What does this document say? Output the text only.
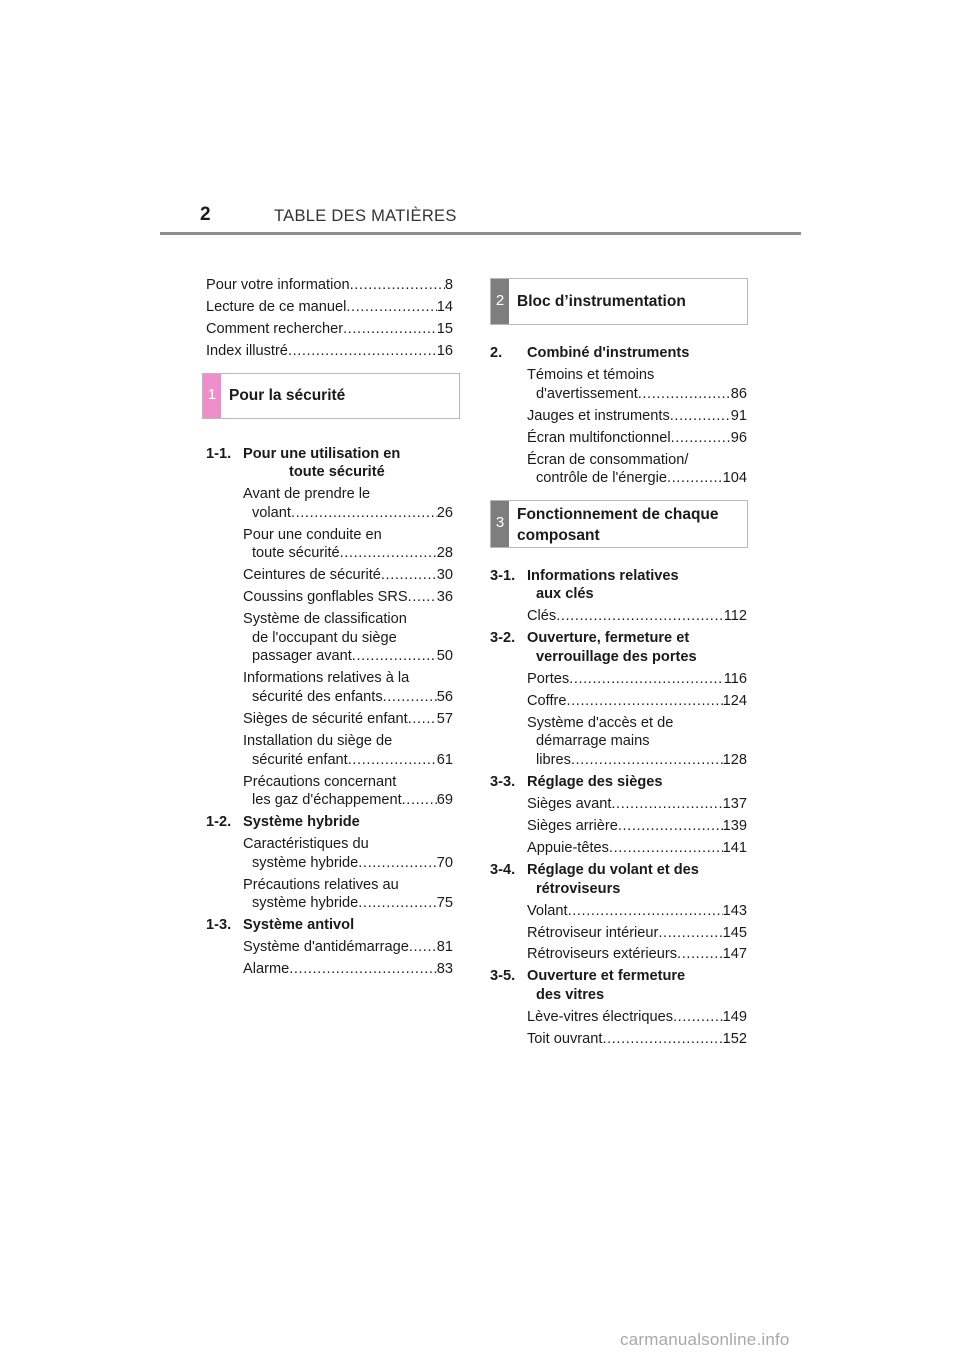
2	TABLE DES MATIÈRES
Pour votre information .....	8
Lecture de ce manuel .....	14
Comment rechercher .....	15
Index illustré .....	16
1 Pour la sécurité
1-1. Pour une utilisation en
toute sécurité
Avant de prendre le
volant .....	26
Pour une conduite en
toute sécurité .....	28
Ceintures de sécurité .....	30
Coussins gonflables SRS ..... 36
Système de classification
de l'occupant du siège
passager avant .....	50
Informations relatives à la
sécurité des enfants .....	56
Sièges de sécurité enfant ..... 57
Installation du siège de
sécurité enfant .....	61
Précautions concernant
les gaz d'échappement ..... 69
1-2. Système hybride
Caractéristiques du
système hybride .....	70
Précautions relatives au
système hybride .....	75
1-3. Système antivol
Système d'antidémarrage ..... 81
Alarme .....	83
2 Bloc d’instrumentation
2.	Combiné d'instruments
Témoins et témoins
d'avertissement .....	86
Jauges et instruments .....	91
Écran multifonctionnel .....	96
Écran de consommation/
contrôle de l'énergie .....	104
3
Fonctionnement de chaque
composant
3-1. Informations relatives
aux clés
Clés .....	112
3-2. Ouverture, fermeture et
verrouillage des portes
Portes .....	116
Coffre .....	124
Système d'accès et de
démarrage mains
libres .....	128
3-3. Réglage des sièges
Sièges avant .....	137
Sièges arrière .....	139
Appuie-têtes .....	141
3-4. Réglage du volant et des
rétroviseurs
Volant .....	143
Rétroviseur intérieur .....	145
Rétroviseurs extérieurs .....	147
3-5. Ouverture et fermeture
des vitres
Lève-vitres électriques .....	149
Toit ouvrant .....	152
carmanualsonline.info
